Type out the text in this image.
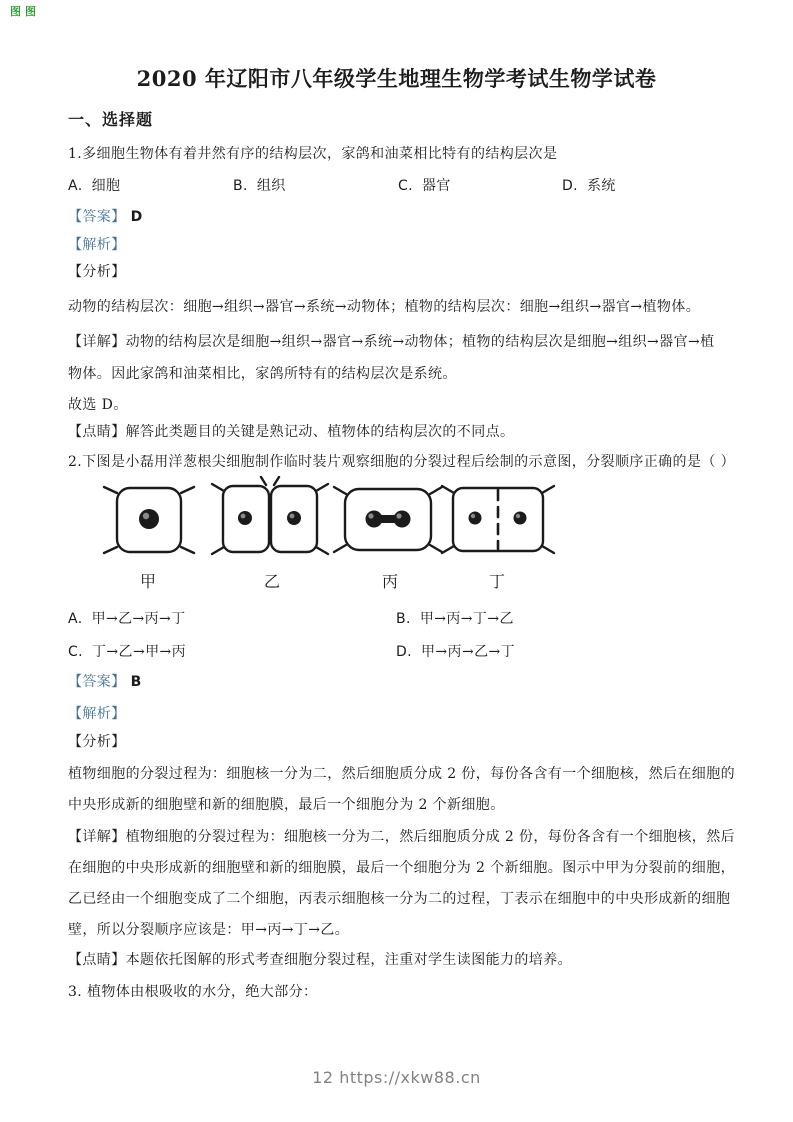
图图
2020 年辽阳市八年级学生地理生物学考试生物学试卷
一、选择题
1.多细胞生物体有着井然有序的结构层次，家鸽和油菜相比特有的结构层次是
A. 细胞	B. 组织	C. 器官	D. 系统
【答案】 D
【解析】
【分析】
动物的结构层次：细胞→组织→器官→系统→动物体；植物的结构层次：细胞→组织→器官→植物体。
【详解】动物的结构层次是细胞→组织→器官→系统→动物体；植物的结构层次是细胞→组织→器官→植
物体。因此家鸽和油菜相比，家鸽所特有的结构层次是系统。
故选 D。
【点睛】解答此类题目的关键是熟记动、植物体的结构层次的不同点。
2.下图是小磊用洋葱根尖细胞制作临时装片观察细胞的分裂过程后绘制的示意图，分裂顺序正确的是（ ）
甲	乙	丙	丁
A. 甲→乙→丙→丁	B. 甲→丙→丁→乙
C. 丁→乙→甲→丙	D. 甲→丙→乙→丁
【答案】 B
【解析】
【分析】
植物细胞的分裂过程为：细胞核一分为二，然后细胞质分成 2 份，每份各含有一个细胞核，然后在细胞的
中央形成新的细胞壁和新的细胞膜，最后一个细胞分为 2 个新细胞。
【详解】植物细胞的分裂过程为：细胞核一分为二，然后细胞质分成 2 份，每份各含有一个细胞核，然后
在细胞的中央形成新的细胞壁和新的细胞膜，最后一个细胞分为 2 个新细胞。图示中甲为分裂前的细胞，
乙已经由一个细胞变成了二个细胞，丙表示细胞核一分为二的过程，丁表示在细胞中的中央形成新的细胞
壁，所以分裂顺序应该是：甲→丙→丁→乙。
【点睛】本题依托图解的形式考查细胞分裂过程，注重对学生读图能力的培养。
3. 植物体由根吸收的水分，绝大部分：
12 https://xkw88.cn
